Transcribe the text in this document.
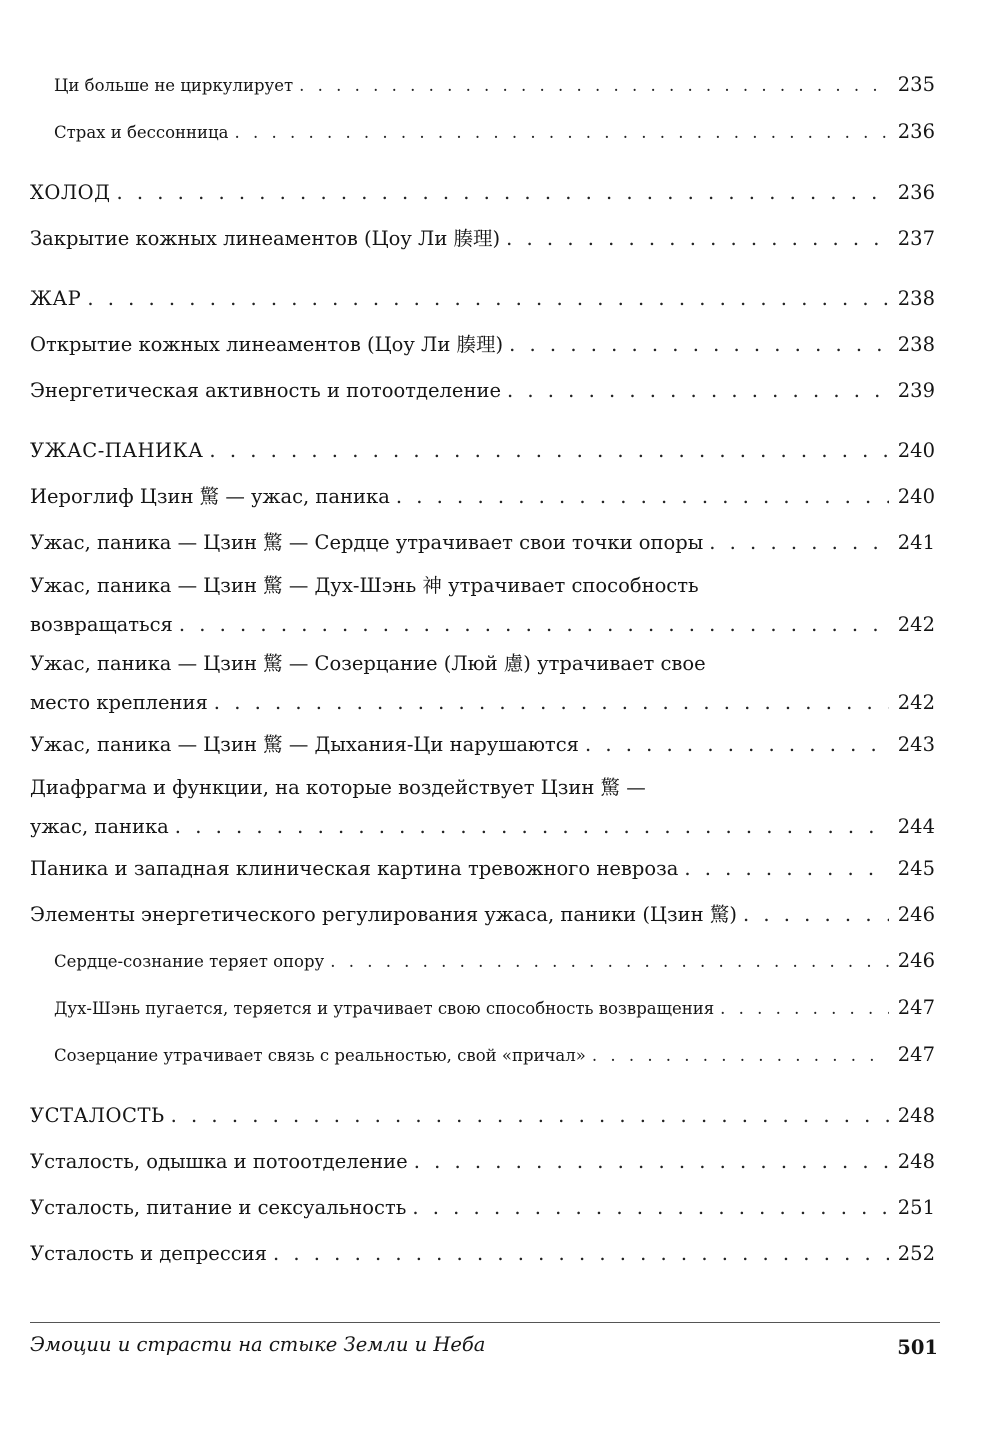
Ци больше не циркулирует . . .	235
Страх и бессонница . . .	236
ХОЛОД . . .	236
Закрытие кожных линеаментов (Цоу Ли 腠理) . . .	237
ЖАР . . .	238
Открытие кожных линеаментов (Цоу Ли 腠理) . . .	238
Энергетическая активность и потоотделение . . .	239
УЖАС-ПАНИКА . . .	240
Иероглиф Цзин 驚 — ужас, паника . . .	240
Ужас, паника — Цзин 驚 — Сердце утрачивает свои точки опоры . . .	241
Ужас, паника — Цзин 驚 — Дух-Шэнь 神 утрачивает способность
возвращаться . . .	242
Ужас, паника — Цзин 驚 — Созерцание (Люй 慮) утрачивает свое
место крепления . . .	242
Ужас, паника — Цзин 驚 — Дыхания-Ци нарушаются . . .	243
Диафрагма и функции, на которые воздействует Цзин 驚 —
ужас, паника . . .	244
Паника и западная клиническая картина тревожного невроза . . .	245
Элементы энергетического регулирования ужаса, паники (Цзин 驚) . . .	246
Сердце-сознание теряет опору . . .	246
Дух-Шэнь пугается, теряется и утрачивает свою способность возвращения . . .	247
Созерцание утрачивает связь с реальностью, свой «причал» . . .	247
УСТАЛОСТЬ . . .	248
Усталость, одышка и потоотделение . . .	248
Усталость, питание и сексуальность . . .	251
Усталость и депрессия . . .	252
Эмоции и страсти на стыке Земли и Неба	501
